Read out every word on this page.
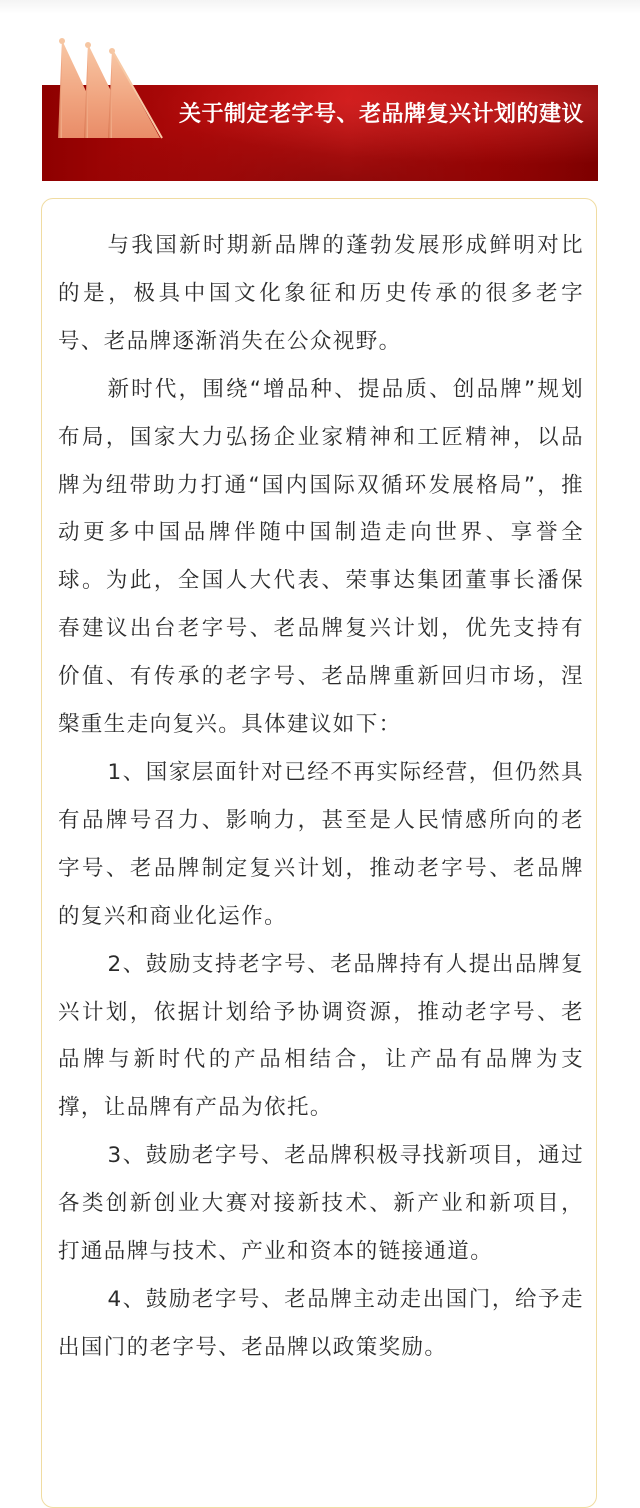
关于制定老字号、老品牌复兴计划的建议

与我国新时期新品牌的蓬勃发展形成鲜明对比的是，极具中国文化象征和历史传承的很多老字号、老品牌逐渐消失在公众视野。

新时代，围绕“增品种、提品质、创品牌”规划布局，国家大力弘扬企业家精神和工匠精神，以品牌为纽带助力打通“国内国际双循环发展格局”，推动更多中国品牌伴随中国制造走向世界、享誉全球。为此，全国人大代表、荣事达集团董事长潘保春建议出台老字号、老品牌复兴计划，优先支持有价值、有传承的老字号、老品牌重新回归市场，涅槃重生走向复兴。具体建议如下：

1、国家层面针对已经不再实际经营，但仍然具有品牌号召力、影响力，甚至是人民情感所向的老字号、老品牌制定复兴计划，推动老字号、老品牌的复兴和商业化运作。

2、鼓励支持老字号、老品牌持有人提出品牌复兴计划，依据计划给予协调资源，推动老字号、老品牌与新时代的产品相结合，让产品有品牌为支撑，让品牌有产品为依托。

3、鼓励老字号、老品牌积极寻找新项目，通过各类创新创业大赛对接新技术、新产业和新项目，打通品牌与技术、产业和资本的链接通道。

4、鼓励老字号、老品牌主动走出国门，给予走出国门的老字号、老品牌以政策奖励。
